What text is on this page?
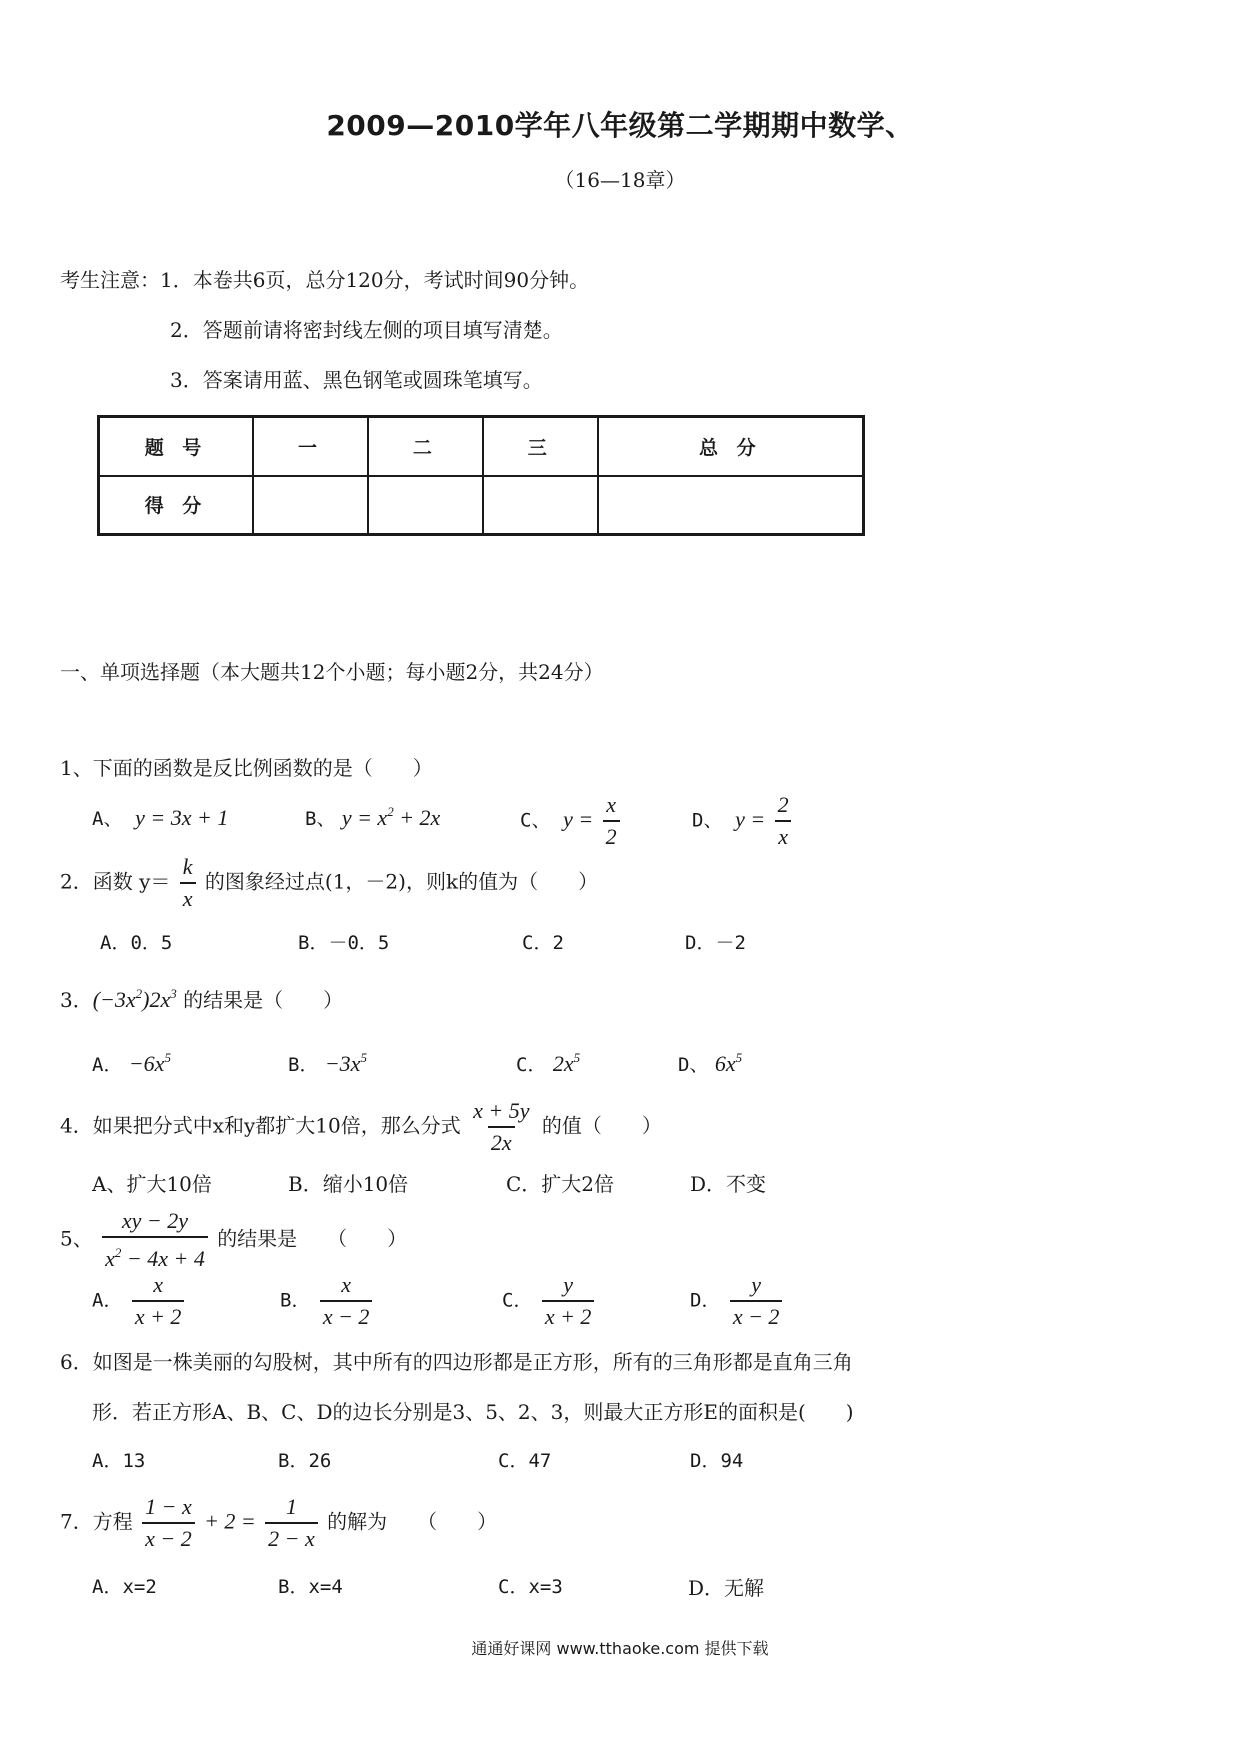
2009—2010学年八年级第二学期期中数学、
（16—18章）
考生注意：1．本卷共6页，总分120分，考试时间90分钟。
2．答题前请将密封线左侧的项目填写清楚。
3．答案请用蓝、黑色钢笔或圆珠笔填写。
题 号	一	二	三	总 分
得 分				
一、单项选择题（本大题共12个小题；每小题2分，共24分）
1、下面的函数是反比例函数的是（　　）
A、 y = 3x + 1	B、 $y = x^2 + 2x$	C、 $y = \frac{x}{2}$	D、 $y = \frac{2}{x}$
2．函数 $y= \frac{k}{x}$ 的图象经过点(1，－2)，则k的值为（　　）
A．0．5	B．－0．5	C．2	D．－2
3．$(-3x^2)2x^3$ 的结果是（　　）
A． $-6x^5$	B． $-3x^5$	C． $2x^5$	D、 $6x^5$
4．如果把分式中x和y都扩大10倍，那么分式 $\frac{x + 5y}{2x}$ 的值（　　）
A、扩大10倍	B．缩小10倍	C．扩大2倍	D．不变
5、 $\frac{xy - 2y}{x^2 - 4x + 4}$ 的结果是　　（　　）
A． $\frac{x}{x + 2}$	B． $\frac{x}{x - 2}$	C． $\frac{y}{x + 2}$	D． $\frac{y}{x - 2}$
6．如图是一株美丽的勾股树，其中所有的四边形都是正方形，所有的三角形都是直角三角
形．若正方形A、B、C、D的边长分别是3、5、2、3，则最大正方形E的面积是(　　)
A．13	B．26	C．47	D．94
7．方程 $\frac{1 - x}{x - 2} + 2 = \frac{1}{2 - x}$ 的解为　　（　　）
A．x=2	B．x=4	C．x=3	D．无解
通通好课网 www.tthaoke.com 提供下载
